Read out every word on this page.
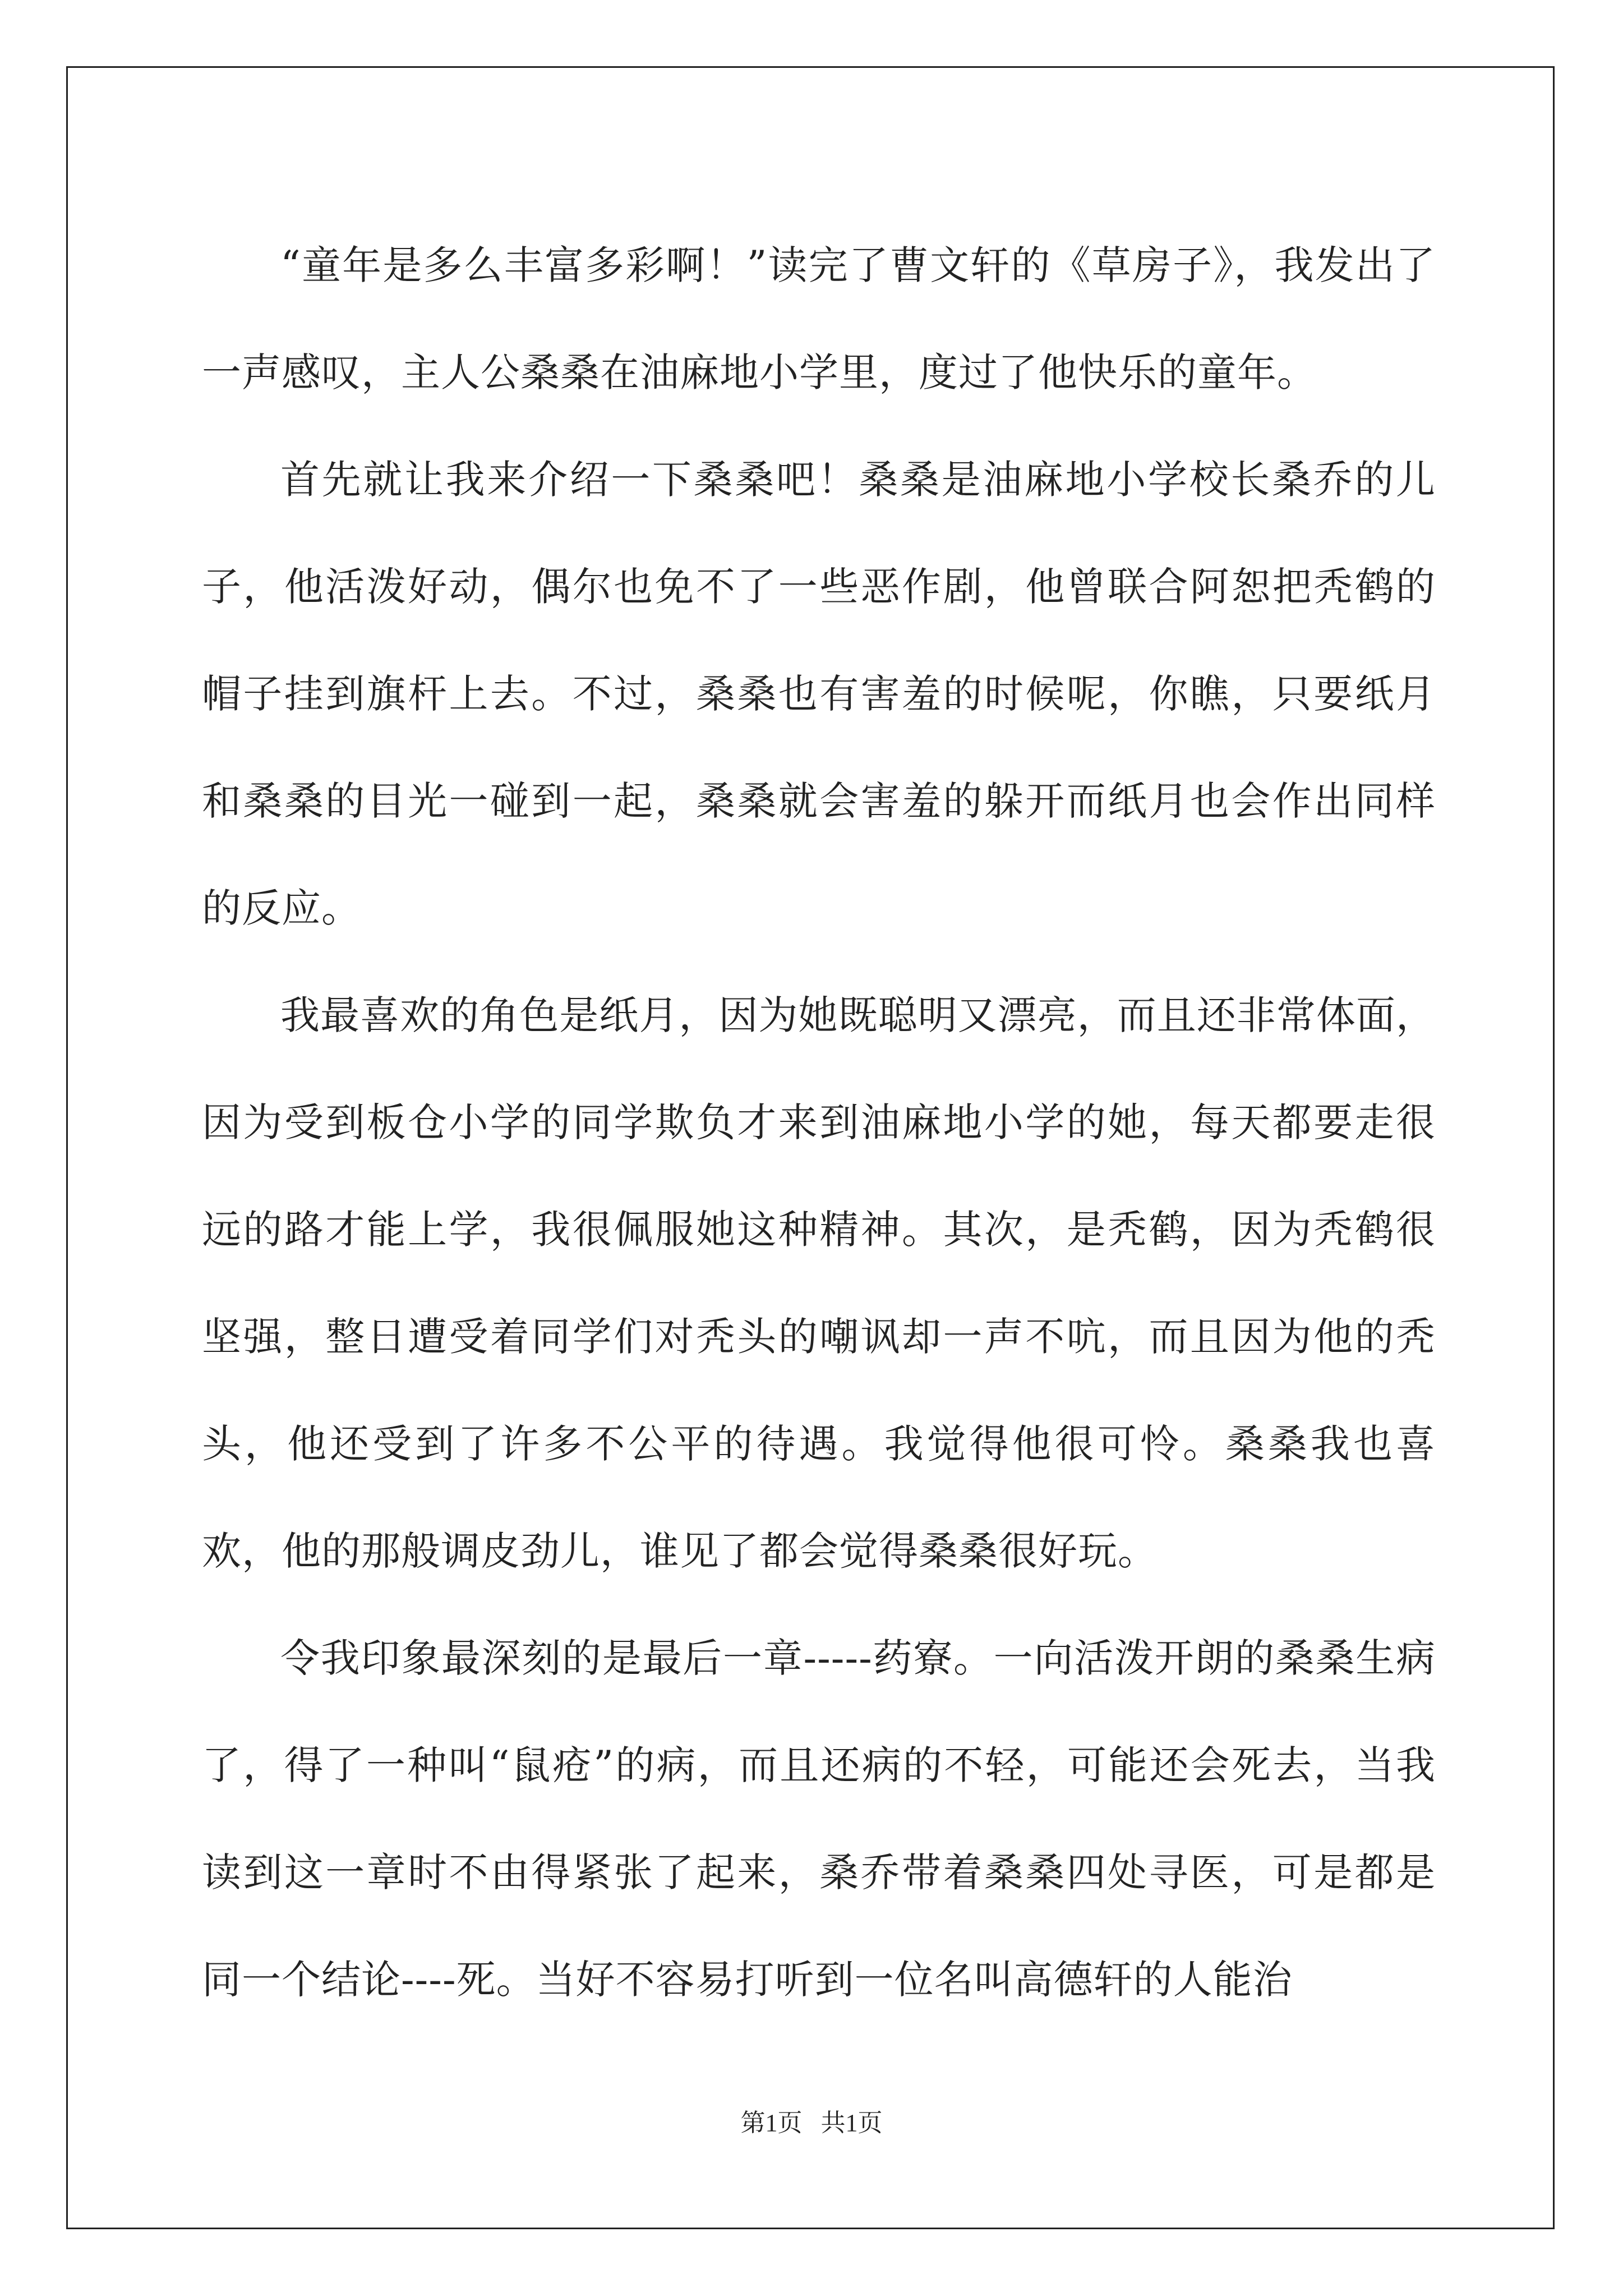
“童年是多么丰富多彩啊！”读完了曹文轩的《草房子》，我发出了一声感叹，主人公桑桑在油麻地小学里，度过了他快乐的童年。

首先就让我来介绍一下桑桑吧！桑桑是油麻地小学校长桑乔的儿子，他活泼好动，偶尔也免不了一些恶作剧，他曾联合阿恕把秃鹤的帽子挂到旗杆上去。不过，桑桑也有害羞的时候呢，你瞧，只要纸月和桑桑的目光一碰到一起，桑桑就会害羞的躲开而纸月也会作出同样的反应。

我最喜欢的角色是纸月，因为她既聪明又漂亮，而且还非常体面，因为受到板仓小学的同学欺负才来到油麻地小学的她，每天都要走很远的路才能上学，我很佩服她这种精神。其次，是秃鹤，因为秃鹤很坚强，整日遭受着同学们对秃头的嘲讽却一声不吭，而且因为他的秃头，他还受到了许多不公平的待遇。我觉得他很可怜。桑桑我也喜欢，他的那般调皮劲儿，谁见了都会觉得桑桑很好玩。

令我印象最深刻的是最后一章-----药寮。一向活泼开朗的桑桑生病了，得了一种叫“鼠疮”的病，而且还病的不轻，可能还会死去，当我读到这一章时不由得紧张了起来，桑乔带着桑桑四处寻医，可是都是同一个结论----死。当好不容易打听到一位名叫高德轩的人能治

第1页   共1页
